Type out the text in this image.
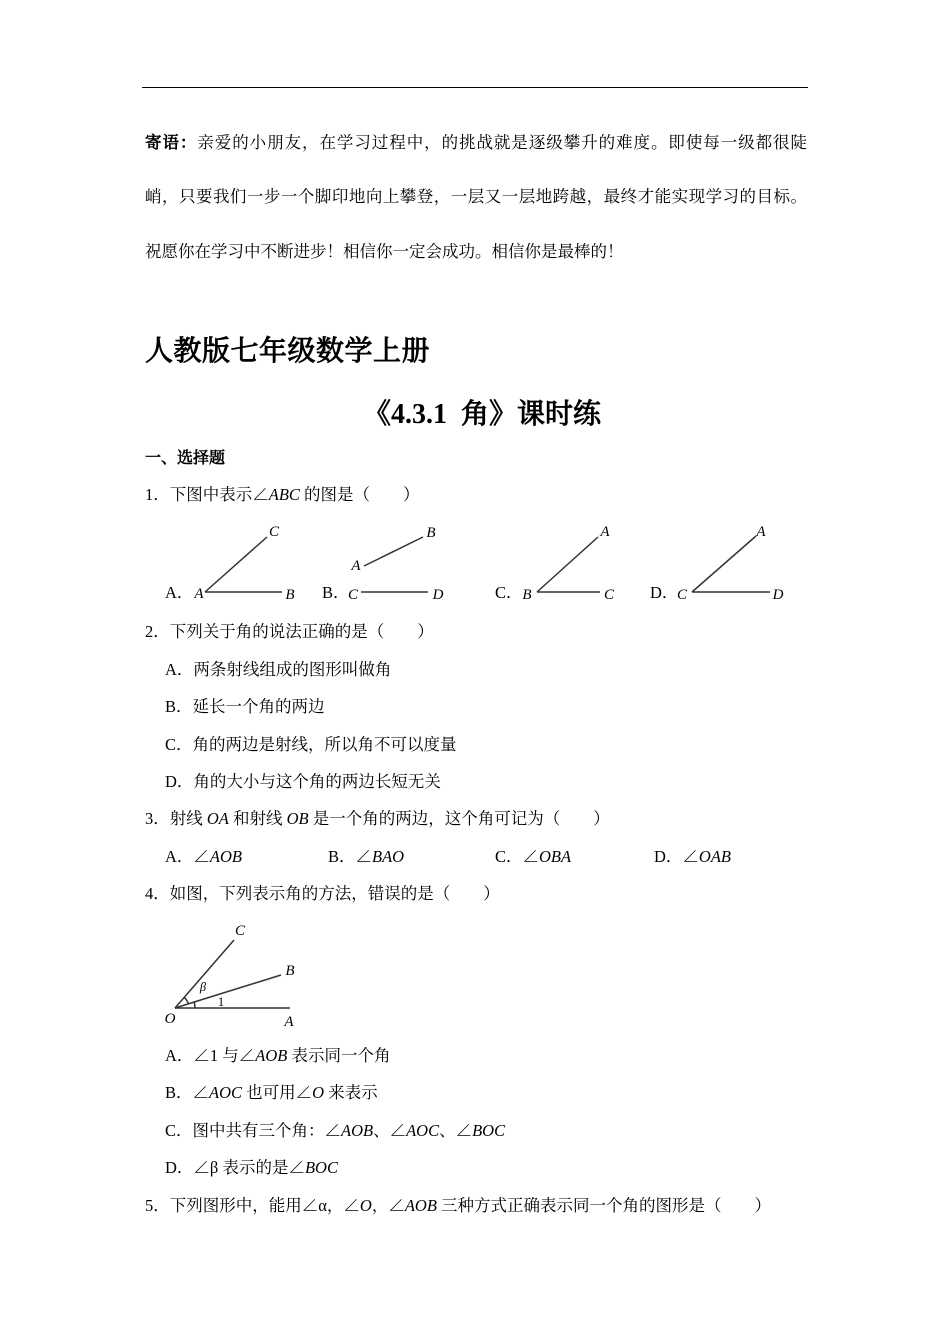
寄语：亲爱的小朋友，在学习过程中，的挑战就是逐级攀升的难度。即使每一级都很陡
峭，只要我们一步一个脚印地向上攀登，一层又一层地跨越，最终才能实现学习的目标。
祝愿你在学习中不断进步！相信你一定会成功。相信你是最棒的！
人教版七年级数学上册
《4.3.1  角》课时练
一、选择题
1．下图中表示∠ABC 的图是（　　）
A．	B．	C．	D．
C
A	B
A
B
C	D	B
A
C	C
A
D
2．下列关于角的说法正确的是（　　）
A．两条射线组成的图形叫做角
B．延长一个角的两边
C．角的两边是射线，所以角不可以度量
D．角的大小与这个角的两边长短无关
3．射线 OA 和射线 OB 是一个角的两边，这个角可记为（　　）
A．∠AOB	B．∠BAO	C．∠OBA	D．∠OAB
4．如图，下列表示角的方法，错误的是（　　）
C
B
A
O
β
1
A．∠1 与∠AOB 表示同一个角
B．∠AOC 也可用∠O 来表示
C．图中共有三个角：∠AOB、∠AOC、∠BOC
D．∠β 表示的是∠BOC
5．下列图形中，能用∠α，∠O，∠AOB 三种方式正确表示同一个角的图形是（　　）
